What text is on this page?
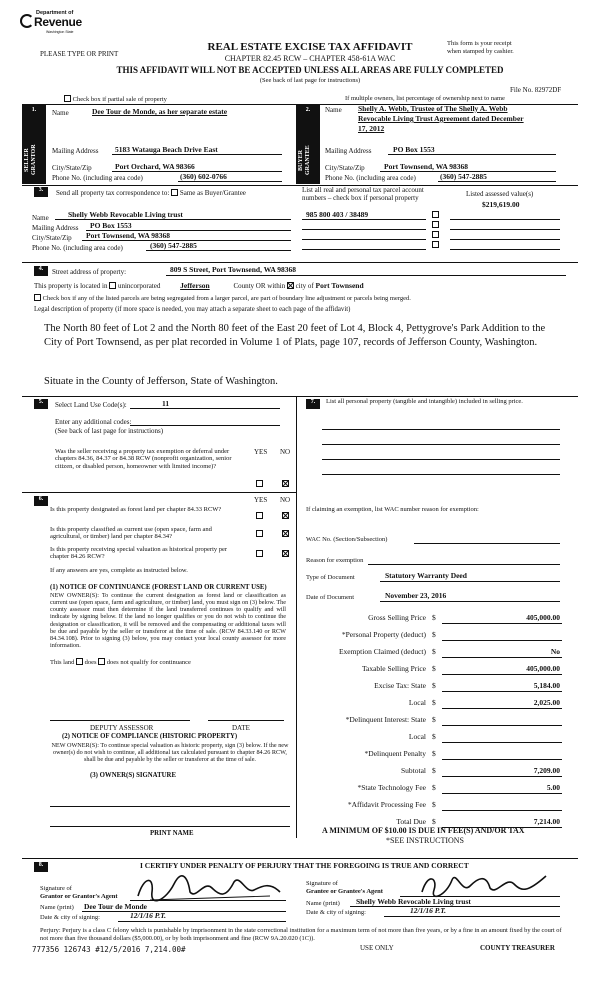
Department of
Revenue
Washington State
PLEASE TYPE OR PRINT
REAL ESTATE EXCISE TAX AFFIDAVIT
CHAPTER 82.45 RCW – CHAPTER 458-61A WAC
THIS AFFIDAVIT WILL NOT BE ACCEPTED UNLESS ALL AREAS ARE FULLY COMPLETED
(See back of last page for instructions)
This form is your receipt
when stamped by cashier.
File No. 82972DF
Check box if partial sale of property	If multiple owners, list percentage of ownership next to name
1.
SELLER GRANTOR
Name	Dee Tour de Monde, as her separate estate
Mailing Address 5183 Watauga Beach Drive East
City/State/Zip	Port Orchard, WA 98366
Phone No. (including area code)	(360) 602-0766
2.
BUYER GRANTEE
Name Shelly A. Webb, Trustee of The Shelly A. Webb
Revocable Living Trust Agreement dated December
17, 2012
Mailing Address	PO Box 1553
City/State/Zip	Port Townsend, WA 98368
Phone No. (including area code)	(360) 547-2885
3.	Send all property tax correspondence to: Same as Buyer/Grantee	List all real and personal tax parcel account
numbers – check box if personal property	Listed assessed value(s)
$219,619.00
985 800 403 / 38489
Name	Shelly Webb Revocable Living trust
Mailing Address PO Box 1553
City/State/Zip Port Townsend, WA 98368
Phone No. (including area code)	(360) 547-2885
4.	Street address of property:	809 S Street, Port Townsend, WA 98368
This property is located in unincorporated	Jefferson	County OR within city of Port Townsend
Check box if any of the listed parcels are being segregated from a larger parcel, are part of boundary line adjustment or parcels being merged.
Legal description of property (if more space is needed, you may attach a separate sheet to each page of the affidavit)
The North 80 feet of Lot 2 and the North 80 feet of the East 20 feet of Lot 4, Block 4, Pettygrove's Park Addition to the City of Port Townsend, as per plat recorded in Volume 1 of Plats, page 107, records of Jefferson County, Washington.
Situate in the County of Jefferson, State of Washington.
5.	Select Land Use Code(s):	11
Enter any additional codes:
(See back of last page for instructions)
YES NO
Was the seller receiving a property tax exemption or deferral under chapters 84.36, 84.37 or 84.38 RCW (nonprofit organization, senior citizen, or disabled person, homeowner with limited income)?
6.	YES NO
Is this property designated as forest land per chapter 84.33 RCW?
Is this property classified as current use (open space, farm and agricultural, or timber) land per chapter 84.34?
Is this property receiving special valuation as historical property per chapter 84.26 RCW?
If any answers are yes, complete as instructed below.
(1) NOTICE OF CONTINUANCE (FOREST LAND OR CURRENT USE)
NEW OWNER(S): To continue the current designation as forest land or classification as current use (open space, farm and agriculture, or timber) land, you must sign on (3) below. The county assessor must then determine if the land transferred continues to qualify and will indicate by signing below. If the land no longer qualifies or you do not wish to continue the designation or classification, it will be removed and the compensating or additional taxes will be due and payable by the seller or transferor at the time of sale. (RCW 84.33.140 or RCW 84.34.108). Prior to signing (3) below, you may contact your local county assessor for more information.
This land does does not qualify for continuance
DEPUTY ASSESSOR	DATE
(2) NOTICE OF COMPLIANCE (HISTORIC PROPERTY)
NEW OWNER(S): To continue special valuation as historic property, sign (3) below. If the new owner(s) do not wish to continue, all additional tax calculated pursuant to chapter 84.26 RCW, shall be due and payable by the seller or transferor at the time of sale.
(3) OWNER(S) SIGNATURE
PRINT NAME
7.	List all personal property (tangible and intangible) included in selling price.
If claiming an exemption, list WAC number reason for exemption:
WAC No. (Section/Subsection)
Reason for exemption
Type of Document	Statutory Warranty Deed
Date of Document	November 23, 2016
Gross Selling Price $	405,000.00
*Personal Property (deduct) $
Exemption Claimed (deduct) $	No
Taxable Selling Price $	405,000.00
Excise Tax: State $	5,184.00
Local $	2,025.00
*Delinquent Interest: State $
Local $
*Delinquent Penalty $
Subtotal $	7,209.00
*State Technology Fee $	5.00
*Affidavit Processing Fee $
Total Due $	7,214.00
A MINIMUM OF $10.00 IS DUE IN FEE(S) AND/OR TAX
*SEE INSTRUCTIONS
8.	I CERTIFY UNDER PENALTY OF PERJURY THAT THE FOREGOING IS TRUE AND CORRECT
Signature of
Grantor or Grantor's Agent
Name (print) Dee Tour de Monde
Date & city of signing:	12/1/16 P.T.
Signature of
Grantee or Grantee's Agent
Name (print) Shelly Webb Revocable Living trust
Date & city of signing:	12/1/16 P.T.
Perjury: Perjury is a class C felony which is punishable by imprisonment in the state correctional institution for a maximum term of not more than five years, or by a fine in an amount fixed by the court of not more than five thousand dollars ($5,000.00), or by both imprisonment and fine (RCW 9A.20.020 (1C)).
USE ONLY	COUNTY TREASURER
777356 126743 #12/5/2016 7,214.00#
